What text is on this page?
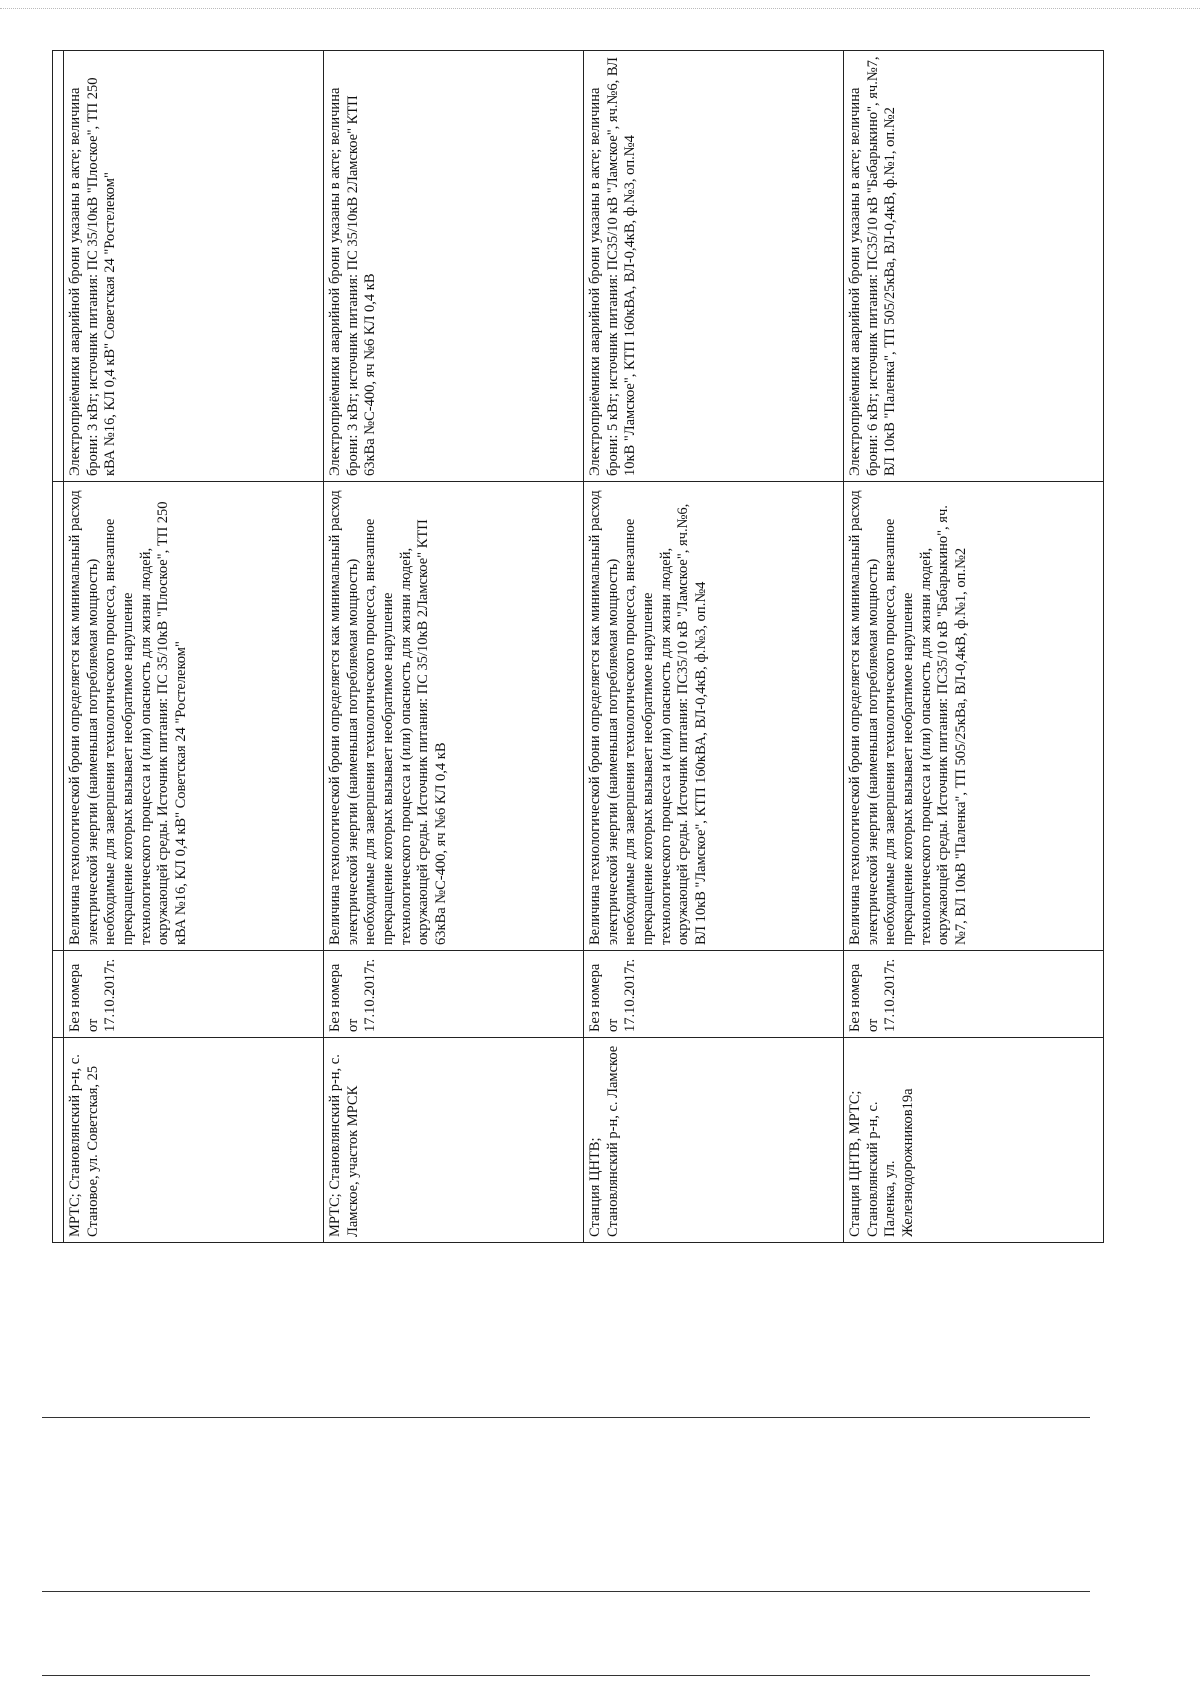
МРТС; Становлянский р-н, с. Становое, ул. Советская, 25	Без номера от 17.10.2017г.	Величина технологической брони определяется как минимальный расход электрической энергии (наименьшая потребляемая мощность) необходимые для завершения технологического процесса, внезапное прекращение которых вызывает необратимое нарушение технологического процесса и (или) опасность для жизни людей, окружающей среды. Источник питания: ПС 35/10кВ "Плоское", ТП 250 кВА №16, КЛ 0,4 кВ" Советская 24 "Ростелеком"	Электроприёмники аварийной брони указаны в акте; величина брони: 3 кВт; источник питания: ПС 35/10кВ "Плоское", ТП 250 кВА №16, КЛ 0,4 кВ" Советская 24 "Ростелеком"
МРТС; Становлянский р-н, с. Ламское, участок МРСК	Без номера от 17.10.2017г.	Величина технологической брони определяется как минимальный расход электрической энергии (наименьшая потребляемая мощность) необходимые для завершения технологического процесса, внезапное прекращение которых вызывает необратимое нарушение технологического процесса и (или) опасность для жизни людей, окружающей среды. Источник питания: ПС 35/10кВ 2Ламское" КТП 63кВа №С-400, яч №6 КЛ 0,4 кВ	Электроприёмники аварийной брони указаны в акте; величина брони: 3 кВт; источник питания: ПС 35/10кВ 2Ламское" КТП 63кВа №С-400, яч №6 КЛ 0,4 кВ
Станция ЦНТВ; Становлянский р-н, с. Ламское	Без номера от 17.10.2017г.	Величина технологической брони определяется как минимальный расход электрической энергии (наименьшая потребляемая мощность) необходимые для завершения технологического процесса, внезапное прекращение которых вызывает необратимое нарушение технологического процесса и (или) опасность для жизни людей, окружающей среды. Источник питания: ПС35/10 кВ "Ламское", яч.№6, ВЛ 10кВ "Ламское", КТП 160кВА, ВЛ-0,4кВ, ф.№3, оп.№4	Электроприёмники аварийной брони указаны в акте; величина брони: 5 кВт; источник питания: ПС35/10 кВ "Ламское", яч.№6, ВЛ 10кВ "Ламское", КТП 160кВА, ВЛ-0,4кВ, ф.№3, оп.№4
Станция ЦНТВ, МРТС; Становлянский р-н, с. Паленка, ул. Железнодорожников19а	Без номера от 17.10.2017г.	Величина технологической брони определяется как минимальный расход электрической энергии (наименьшая потребляемая мощность) необходимые для завершения технологического процесса, внезапное прекращение которых вызывает необратимое нарушение технологического процесса и (или) опасность для жизни людей, окружающей среды. Источник питания: ПС35/10 кВ "Бабарыкино", яч.№7, ВЛ 10кВ "Паленка", ТП 505/25кВа, ВЛ-0,4кВ, ф.№1, оп.№2	Электроприёмники аварийной брони указаны в акте; величина брони: 6 кВт; источник питания: ПС35/10 кВ "Бабарыкино", яч.№7, ВЛ 10кВ "Паленка", ТП 505/25кВа, ВЛ-0,4кВ, ф.№1, оп.№2
